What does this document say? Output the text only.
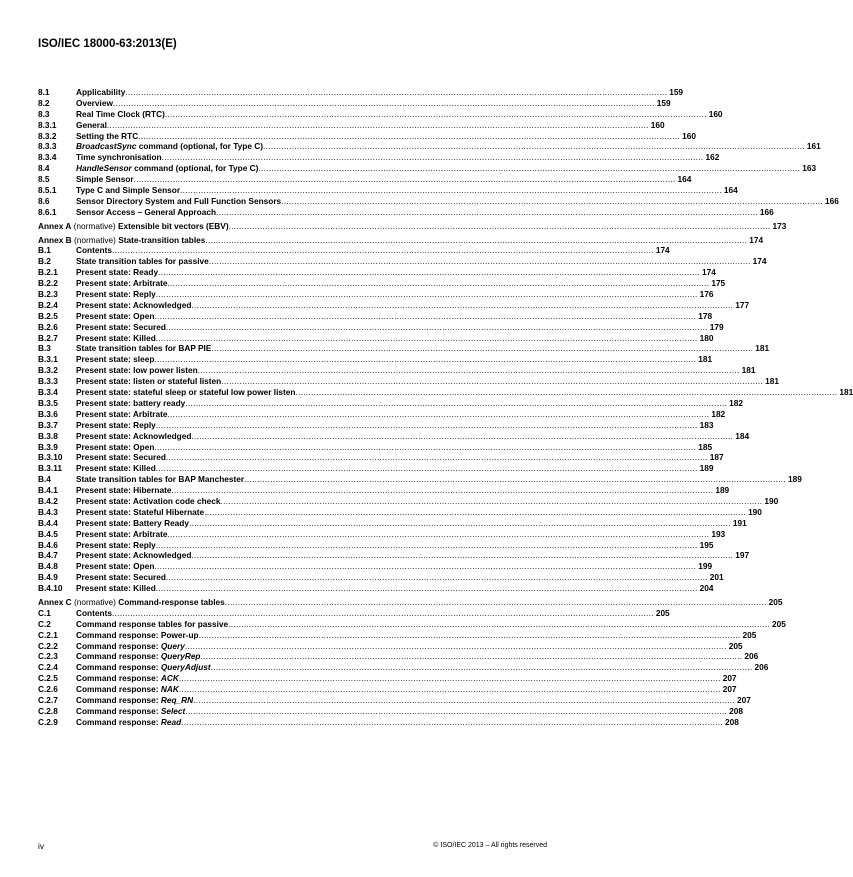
ISO/IEC 18000-63:2013(E)
8.1	Applicability .....	159
8.2	Overview .....	159
8.3	Real Time Clock (RTC) .....	160
8.3.1	General .....	160
8.3.2	Setting the RTC .....	160
8.3.3	BroadcastSync command (optional, for Type C) .....	161
8.3.4	Time synchronisation .....	162
8.4	HandleSensor command (optional, for Type C) .....	163
8.5	Simple Sensor .....	164
8.5.1	Type C and Simple Sensor .....	164
8.6	Sensor Directory System and Full Function Sensors .....	166
8.6.1	Sensor Access – General Approach .....	166
Annex A (normative) Extensible bit vectors (EBV) .....	173
Annex B (normative) State-transition tables .....	174
B.1	Contents .....	174
B.2	State transition tables for passive .....	174
B.2.1	Present state: Ready .....	174
B.2.2	Present state: Arbitrate .....	175
B.2.3	Present state: Reply .....	176
B.2.4	Present state: Acknowledged .....	177
B.2.5	Present state: Open .....	178
B.2.6	Present state: Secured .....	179
B.2.7	Present state: Killed .....	180
B.3	State transition tables for BAP PIE .....	181
B.3.1	Present state: sleep .....	181
B.3.2	Present state: low power listen .....	181
B.3.3	Present state: listen or stateful listen .....	181
B.3.4	Present state: stateful sleep or stateful low power listen .....	181
B.3.5	Present state: battery ready .....	182
B.3.6	Present state: Arbitrate .....	182
B.3.7	Present state: Reply .....	183
B.3.8	Present state: Acknowledged .....	184
B.3.9	Present state: Open .....	185
B.3.10	Present state: Secured .....	187
B.3.11	Present state: Killed .....	189
B.4	State transition tables for BAP Manchester .....	189
B.4.1	Present state: Hibernate .....	189
B.4.2	Present state: Activation code check .....	190
B.4.3	Present state: Stateful Hibernate .....	190
B.4.4	Present state: Battery Ready .....	191
B.4.5	Present state: Arbitrate .....	193
B.4.6	Present state: Reply .....	195
B.4.7	Present state: Acknowledged .....	197
B.4.8	Present state: Open .....	199
B.4.9	Present state: Secured .....	201
B.4.10	Present state: Killed .....	204
Annex C (normative) Command-response tables .....	205
C.1	Contents .....	205
C.2	Command response tables for passive .....	205
C.2.1	Command response: Power-up .....	205
C.2.2	Command response: Query .....	205
C.2.3	Command response: QueryRep .....	206
C.2.4	Command response: QueryAdjust .....	206
C.2.5	Command response: ACK .....	207
C.2.6	Command response: NAK .....	207
C.2.7	Command response: Req_RN .....	207
C.2.8	Command response: Select .....	208
C.2.9	Command response: Read .....	208
iv	© ISO/IEC 2013 – All rights reserved
